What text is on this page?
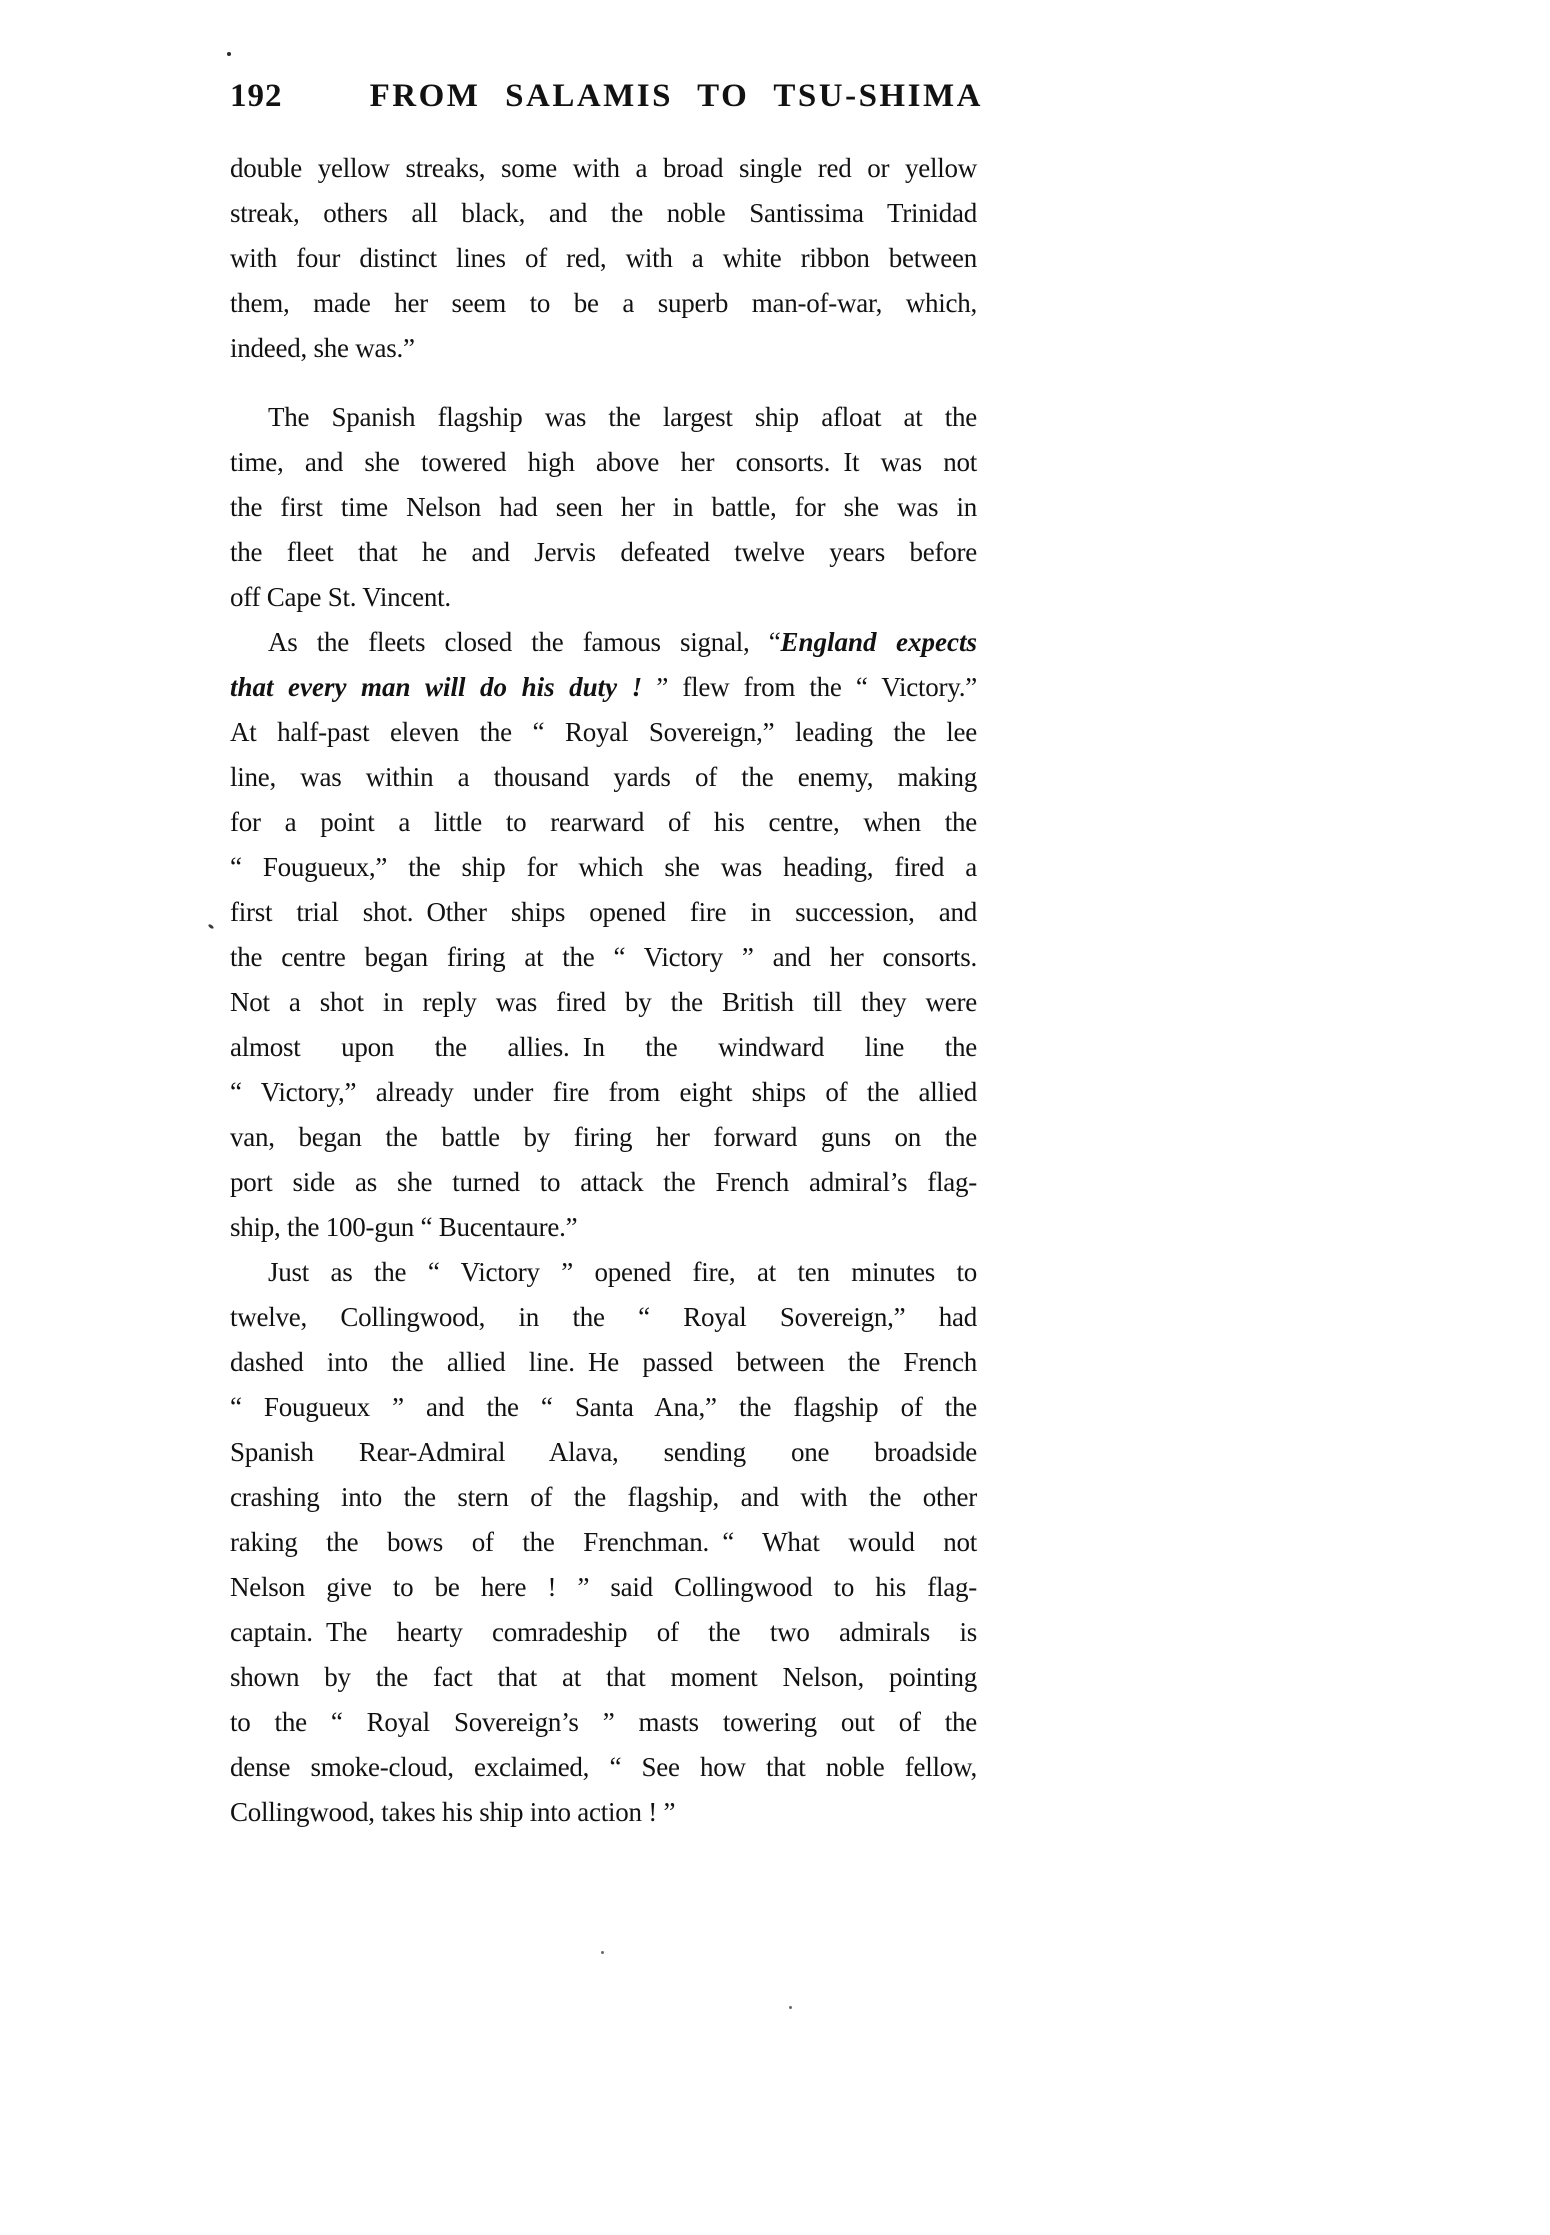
192	FROM SALAMIS TO TSU-SHIMA
double yellow streaks, some with a broad single red or yellow
streak, others all black, and the noble Santissima Trinidad
with four distinct lines of red, with a white ribbon between
them, made her seem to be a superb man-of-war, which,
indeed, she was.”
The Spanish flagship was the largest ship afloat at the
time, and she towered high above her consorts. It was not
the first time Nelson had seen her in battle, for she was in
the fleet that he and Jervis defeated twelve years before
off Cape St. Vincent.
As the fleets closed the famous signal, “England expects
that every man will do his duty ! ” flew from the “ Victory.”
At half-past eleven the “ Royal Sovereign,” leading the lee
line, was within a thousand yards of the enemy, making
for a point a little to rearward of his centre, when the
“ Fougueux,” the ship for which she was heading, fired a
first trial shot. Other ships opened fire in succession, and
the centre began firing at the “ Victory ” and her consorts.
Not a shot in reply was fired by the British till they were
almost upon the allies. In the windward line the
“ Victory,” already under fire from eight ships of the allied
van, began the battle by firing her forward guns on the
port side as she turned to attack the French admiral’s flag-
ship, the 100-gun “ Bucentaure.”
Just as the “ Victory ” opened fire, at ten minutes to
twelve, Collingwood, in the “ Royal Sovereign,” had
dashed into the allied line. He passed between the French
“ Fougueux ” and the “ Santa Ana,” the flagship of the
Spanish Rear-Admiral Alava, sending one broadside
crashing into the stern of the flagship, and with the other
raking the bows of the Frenchman. “ What would not
Nelson give to be here ! ” said Collingwood to his flag-
captain. The hearty comradeship of the two admirals is
shown by the fact that at that moment Nelson, pointing
to the “ Royal Sovereign’s ” masts towering out of the
dense smoke-cloud, exclaimed, “ See how that noble fellow,
Collingwood, takes his ship into action ! ”
